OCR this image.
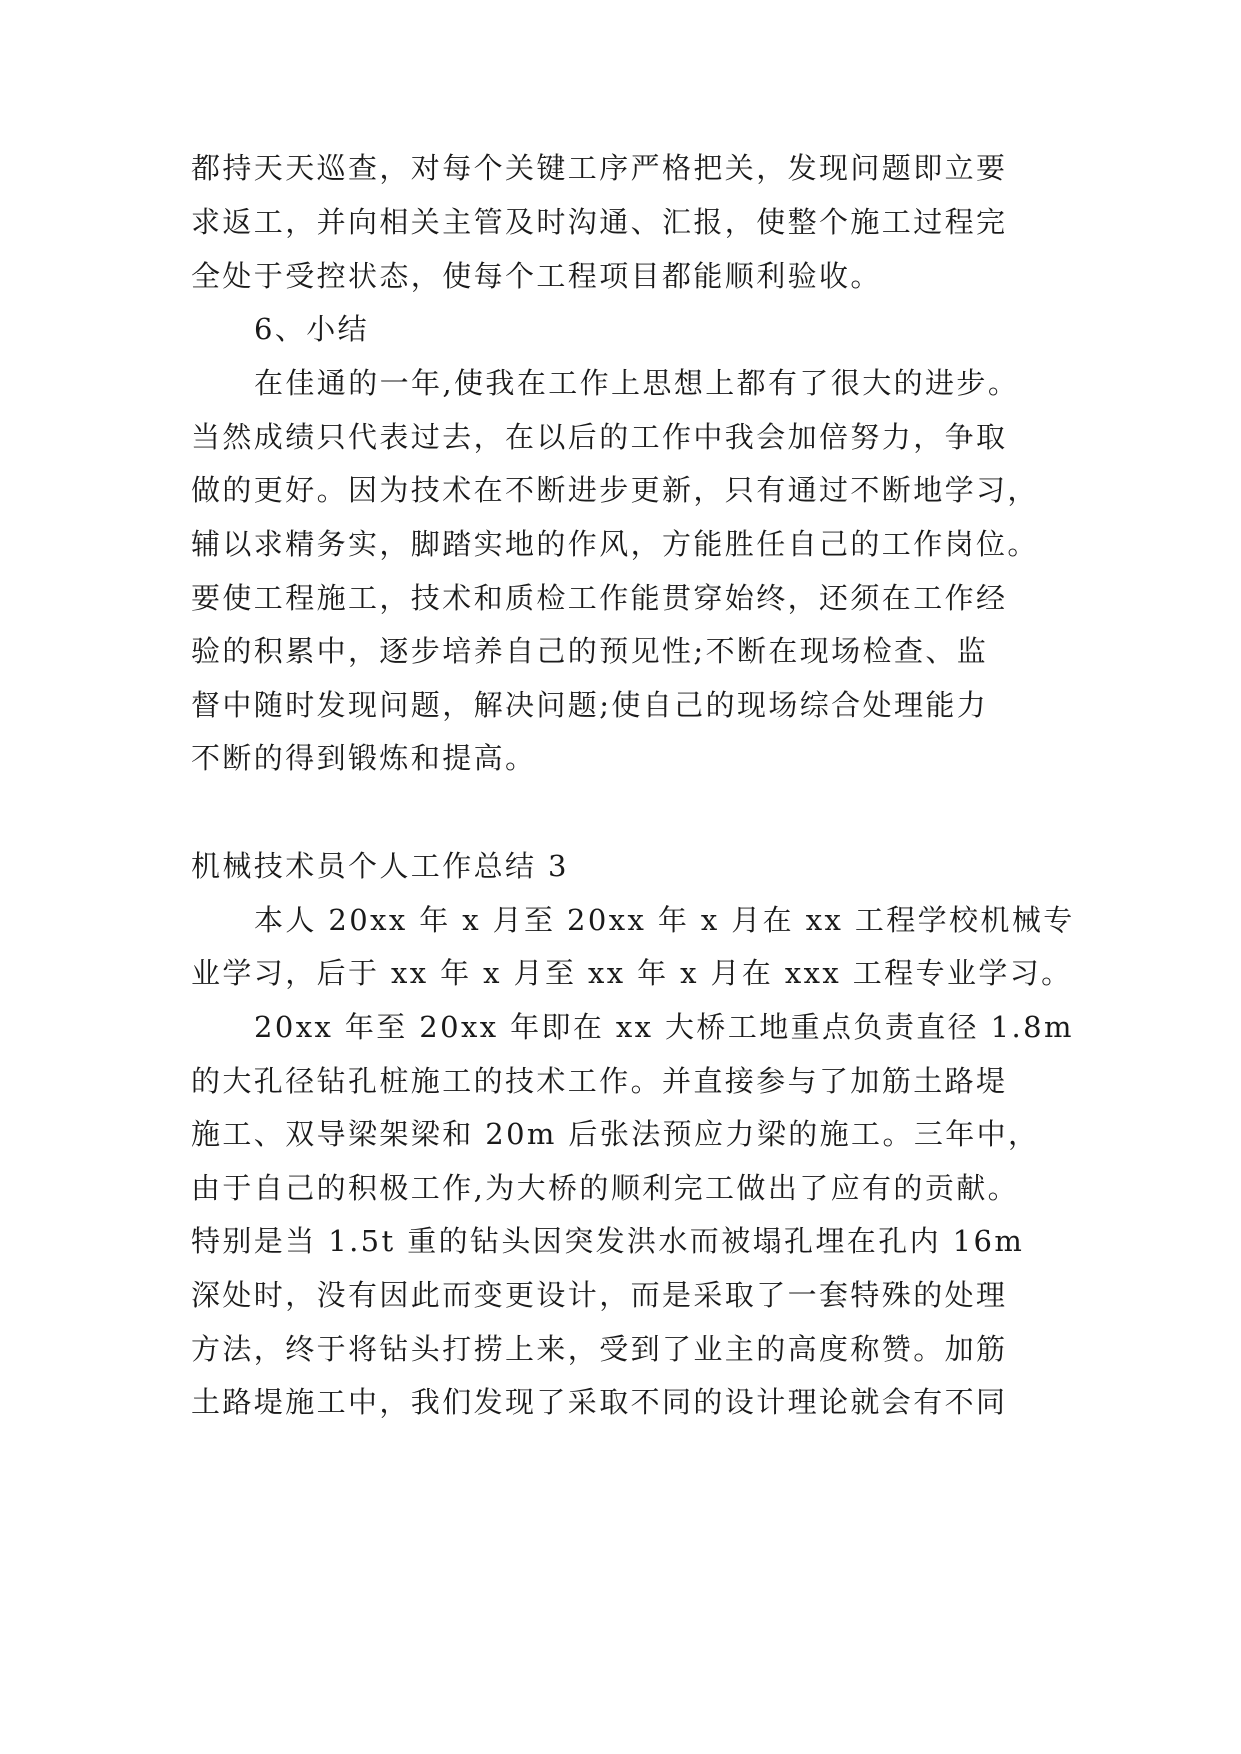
都持天天巡查，对每个关键工序严格把关，发现问题即立要
求返工，并向相关主管及时沟通、汇报，使整个施工过程完
全处于受控状态，使每个工程项目都能顺利验收。
6、小结
在佳通的一年,使我在工作上思想上都有了很大的进步。
当然成绩只代表过去，在以后的工作中我会加倍努力，争取
做的更好。因为技术在不断进步更新，只有通过不断地学习，
辅以求精务实，脚踏实地的作风，方能胜任自己的工作岗位。
要使工程施工，技术和质检工作能贯穿始终，还须在工作经
验的积累中，逐步培养自己的预见性;不断在现场检查、监
督中随时发现问题，解决问题;使自己的现场综合处理能力
不断的得到锻炼和提高。
机械技术员个人工作总结 3
本人 20xx 年 x 月至 20xx 年 x 月在 xx 工程学校机械专
业学习，后于 xx 年 x 月至 xx 年 x 月在 xxx 工程专业学习。
20xx 年至 20xx 年即在 xx 大桥工地重点负责直径 1.8m
的大孔径钻孔桩施工的技术工作。并直接参与了加筋土路堤
施工、双导梁架梁和 20m 后张法预应力梁的施工。三年中，
由于自己的积极工作,为大桥的顺利完工做出了应有的贡献。
特别是当 1.5t 重的钻头因突发洪水而被塌孔埋在孔内 16m
深处时，没有因此而变更设计，而是采取了一套特殊的处理
方法，终于将钻头打捞上来，受到了业主的高度称赞。加筋
土路堤施工中，我们发现了采取不同的设计理论就会有不同
